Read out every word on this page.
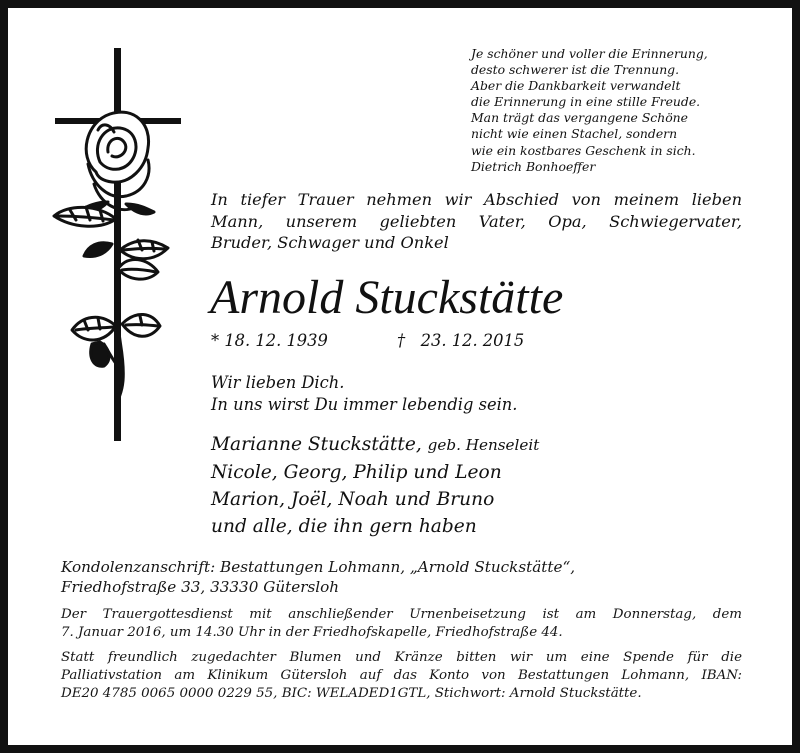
Je schöner und voller die Erinnerung,
desto schwerer ist die Trennung.
Aber die Dankbarkeit verwandelt
die Erinnerung in eine stille Freude.
Man trägt das vergangene Schöne
nicht wie einen Stachel, sondern
wie ein kostbares Geschenk in sich.
Dietrich Bonhoeffer
In tiefer Trauer nehmen wir Abschied von meinem lieben
Mann, unserem geliebten Vater, Opa, Schwiegervater,
Bruder, Schwager und Onkel
Arnold Stuckstätte
* 18. 12. 1939	† 23. 12. 2015
Wir lieben Dich.
In uns wirst Du immer lebendig sein.
Marianne Stuckstätte, geb. Henseleit
Nicole, Georg, Philip und Leon
Marion, Joël, Noah und Bruno
und alle, die ihn gern haben
Kondolenzanschrift: Bestattungen Lohmann, „Arnold Stuckstätte“,
Friedhofstraße 33, 33330 Gütersloh
Der Trauergottesdienst mit anschließender Urnenbeisetzung ist am Donnerstag, dem
7. Januar 2016, um 14.30 Uhr in der Friedhofskapelle, Friedhofstraße 44.
Statt freundlich zugedachter Blumen und Kränze bitten wir um eine Spende für die
Palliativstation am Klinikum Gütersloh auf das Konto von Bestattungen Lohmann, IBAN:
DE20 4785 0065 0000 0229 55, BIC: WELADED1GTL, Stichwort: Arnold Stuckstätte.
